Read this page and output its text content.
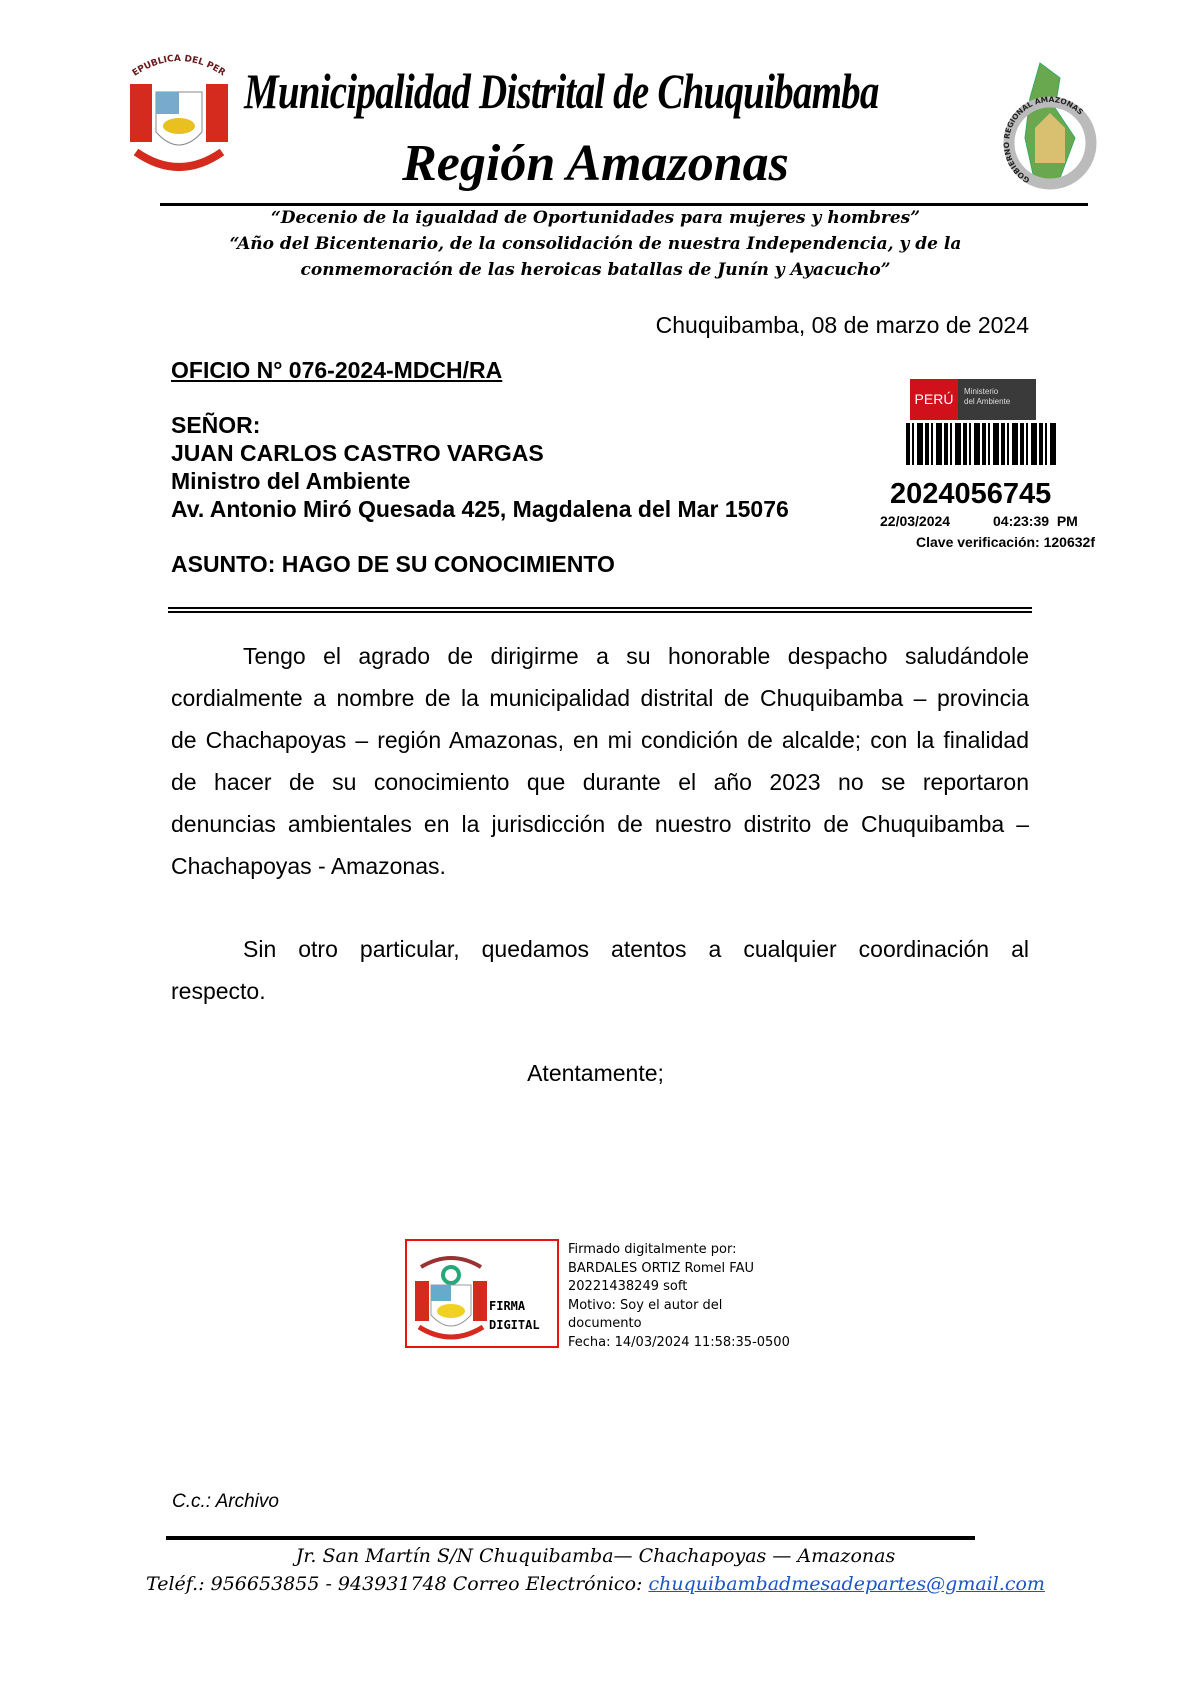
EPUBLICA DEL PER Municipalidad Distrital de Chuquibamba
Región Amazonas	GOBIERNO REGIONAL AMAZONAS
“Decenio de la igualdad de Oportunidades para mujeres y hombres”
“Año del Bicentenario, de la consolidación de nuestra Independencia, y de la
conmemoración de las heroicas batallas de Junín y Ayacucho”
Chuquibamba, 08 de marzo de 2024
OFICIO N° 076-2024-MDCH/RA
SEÑOR:
JUAN CARLOS CASTRO VARGAS
Ministro del Ambiente
Av. Antonio Miró Quesada 425, Magdalena del Mar 15076
ASUNTO: HAGO DE SU CONOCIMIENTO
PERÚ	Ministerio
del Ambiente
2024056745
22/03/2024	04:23:39  PM
Clave verificación: 120632f
Tengo el agrado de dirigirme a su honorable despacho saludándole
cordialmente a nombre de la municipalidad distrital de Chuquibamba – provincia
de Chachapoyas – región Amazonas, en mi condición de alcalde; con la finalidad
de hacer de su conocimiento que durante el año 2023 no se reportaron
denuncias ambientales en la jurisdicción de nuestro distrito de Chuquibamba –
Chachapoyas - Amazonas.
Sin otro particular, quedamos atentos a cualquier coordinación al
respecto.
Atentamente;
FIRMA
DIGITAL
Firmado digitalmente por:
BARDALES ORTIZ Romel FAU
20221438249 soft
Motivo: Soy el autor del
documento
Fecha: 14/03/2024 11:58:35-0500
C.c.: Archivo
Jr. San Martín S/N Chuquibamba— Chachapoyas — Amazonas
Teléf.: 956653855 - 943931748 Correo Electrónico: chuquibambadmesadepartes@gmail.com
